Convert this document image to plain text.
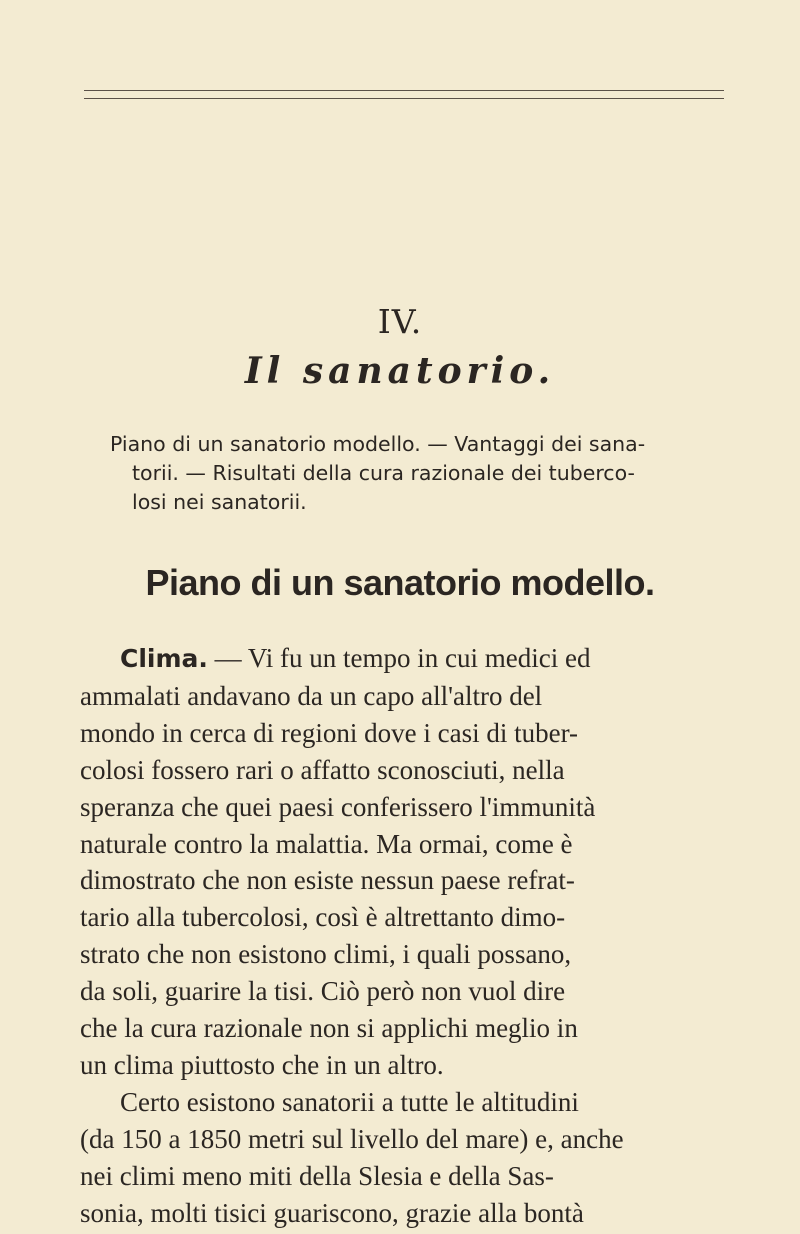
IV.
Il sanatorio.

Piano di un sanatorio modello. — Vantaggi dei sana-
torii. — Risultati della cura razionale dei tuberco-
losi nei sanatorii.

Piano di un sanatorio modello.
Clima. — Vi fu un tempo in cui medici ed
ammalati andavano da un capo all'altro del
mondo in cerca di regioni dove i casi di tuber-
colosi fossero rari o affatto sconosciuti, nella
speranza che quei paesi conferissero l'immunità
naturale contro la malattia. Ma ormai, come è
dimostrato che non esiste nessun paese refrat-
tario alla tubercolosi, così è altrettanto dimo-
strato che non esistono climi, i quali possano,
da soli, guarire la tisi. Ciò però non vuol dire
che la cura razionale non si applichi meglio in
un clima piuttosto che in un altro.
Certo esistono sanatorii a tutte le altitudini
(da 150 a 1850 metri sul livello del mare) e, anche
nei climi meno miti della Slesia e della Sas-
sonia, molti tisici guariscono, grazie alla bontà
